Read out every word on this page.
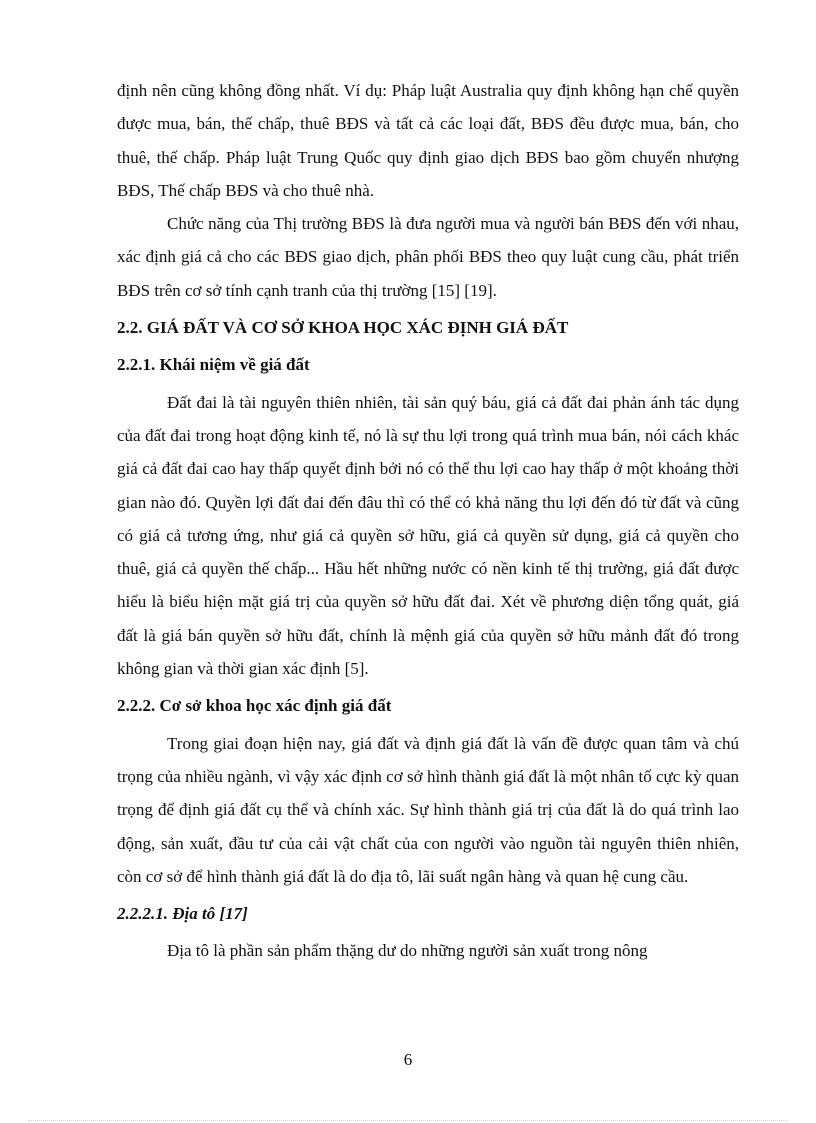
định nên cũng không đồng nhất. Ví dụ: Pháp luật Australia quy định không hạn chế quyền được mua, bán, thế chấp, thuê BĐS và tất cả các loại đất, BĐS đều được mua, bán, cho thuê, thế chấp. Pháp luật Trung Quốc quy định giao dịch BĐS bao gồm chuyển nhượng BĐS, Thế chấp BĐS và cho thuê nhà.

Chức năng của Thị trường BĐS là đưa người mua và người bán BĐS đến với nhau, xác định giá cả cho các BĐS giao dịch, phân phối BĐS theo quy luật cung cầu, phát triển BĐS trên cơ sở tính cạnh tranh của thị trường [15] [19].

2.2. GIÁ ĐẤT VÀ CƠ SỞ KHOA HỌC XÁC ĐỊNH GIÁ ĐẤT
2.2.1. Khái niệm về giá đất

Đất đai là tài nguyên thiên nhiên, tài sản quý báu, giá cả đất đai phản ánh tác dụng của đất đai trong hoạt động kinh tế, nó là sự thu lợi trong quá trình mua bán, nói cách khác giá cả đất đai cao hay thấp quyết định bởi nó có thể thu lợi cao hay thấp ở một khoảng thời gian nào đó. Quyền lợi đất đai đến đâu thì có thể có khả năng thu lợi đến đó từ đất và cũng có giá cả tương ứng, như giá cả quyền sở hữu, giá cả quyền sử dụng, giá cả quyền cho thuê, giá cả quyền thế chấp... Hầu hết những nước có nền kinh tế thị trường, giá đất được hiểu là biểu hiện mặt giá trị của quyền sở hữu đất đai. Xét về phương diện tổng quát, giá đất là giá bán quyền sở hữu đất, chính là mệnh giá của quyền sở hữu mảnh đất đó trong không gian và thời gian xác định [5].

2.2.2. Cơ sở khoa học xác định giá đất

Trong giai đoạn hiện nay, giá đất và định giá đất là vấn đề được quan tâm và chú trọng của nhiều ngành, vì vậy xác định cơ sở hình thành giá đất là một nhân tố cực kỳ quan trọng để định giá đất cụ thể và chính xác. Sự hình thành giá trị của đất là do quá trình lao động, sản xuất, đầu tư của cải vật chất của con người vào nguồn tài nguyên thiên nhiên, còn cơ sở để hình thành giá đất là do địa tô, lãi suất ngân hàng và quan hệ cung cầu.

2.2.2.1. Địa tô [17]

Địa tô là phần sản phẩm thặng dư do những người sản xuất trong nông

6
